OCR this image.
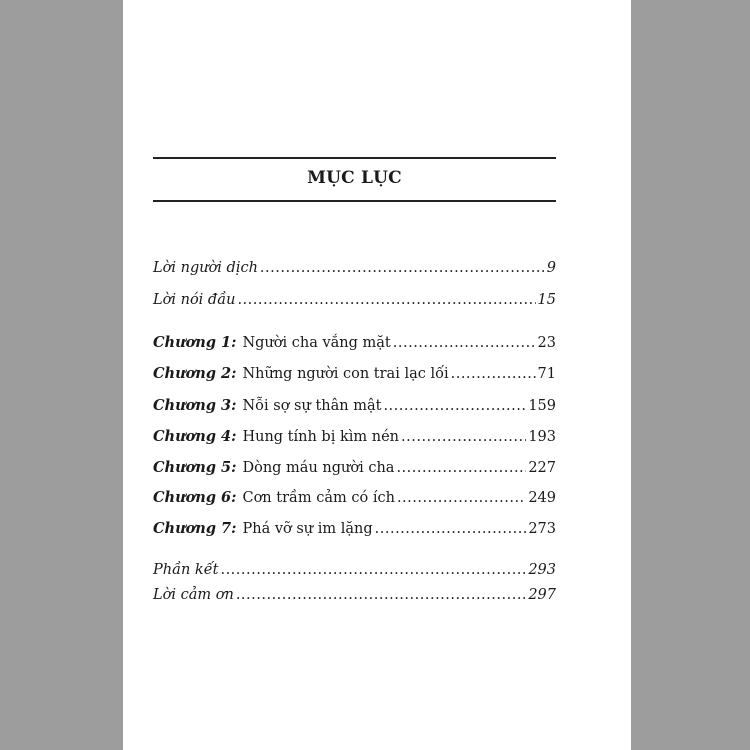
MỤC LỤC
Lời người dịch .....	9
Lời nói đầu .....	15
Chương 1: Người cha vắng mặt .....	23
Chương 2: Những người con trai lạc lối .....	71
Chương 3: Nỗi sợ sự thân mật .....	159
Chương 4: Hung tính bị kìm nén .....	193
Chương 5: Dòng máu người cha .....	227
Chương 6: Cơn trầm cảm có ích .....	249
Chương 7: Phá vỡ sự im lặng .....	273
Phần kết .....	293
Lời cảm ơn .....	297
